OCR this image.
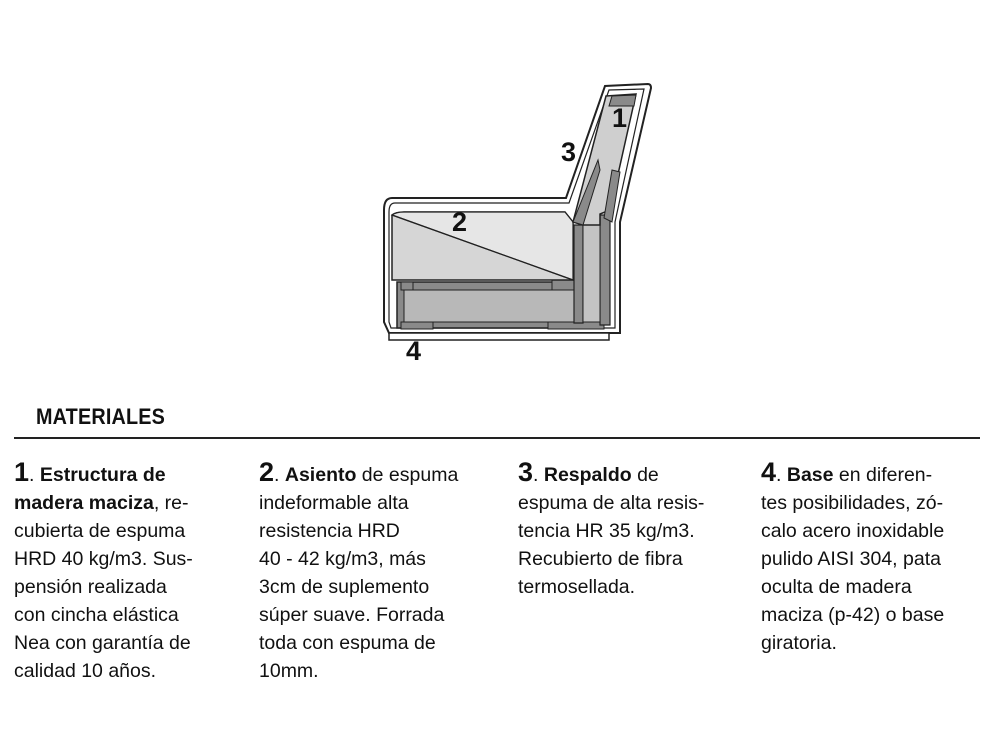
1
2
3
4
MATERIALES
1. Estructura de
madera maciza, re-
cubierta de espuma
HRD 40 kg/m3. Sus-
pensión realizada
con cincha elástica
Nea con garantía de
calidad 10 años.
2. Asiento de espuma
indeformable alta
resistencia HRD
40 - 42 kg/m3, más
3cm de suplemento
súper suave. Forrada
toda con espuma de
10mm.
3. Respaldo de
espuma de alta resis-
tencia HR 35 kg/m3.
Recubierto de fibra
termosellada.
4. Base en diferen-
tes posibilidades, zó-
calo acero inoxidable
pulido AISI 304, pata
oculta de madera
maciza (p-42) o base
giratoria.
